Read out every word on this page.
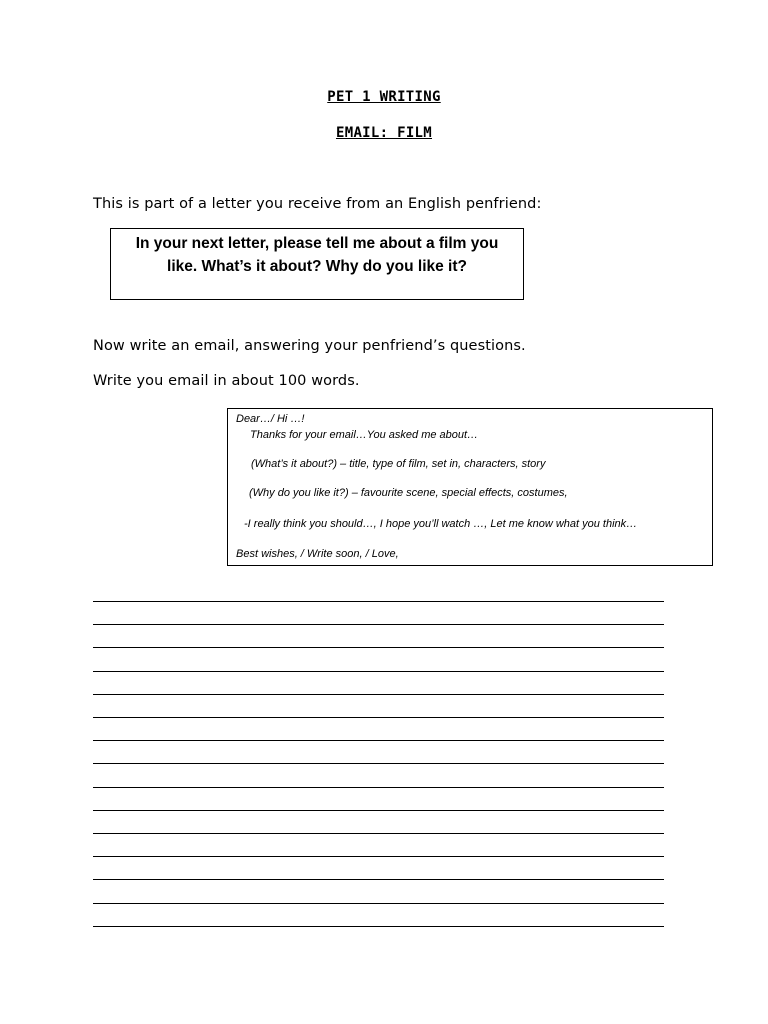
PET 1 WRITING
EMAIL: FILM
This is part of a letter you receive from an English penfriend:
In your next letter, please tell me about a film you
like. What’s it about? Why do you like it?
Now write an email, answering your penfriend’s questions.
Write you email in about 100 words.
Dear…/ Hi …!
Thanks for your email…You asked me about…
(What’s it about?) – title, type of film, set in, characters, story
(Why do you like it?) – favourite scene, special effects, costumes,
-I really think you should…, I hope you’ll watch …, Let me know what you think…
Best wishes, / Write soon, / Love,
